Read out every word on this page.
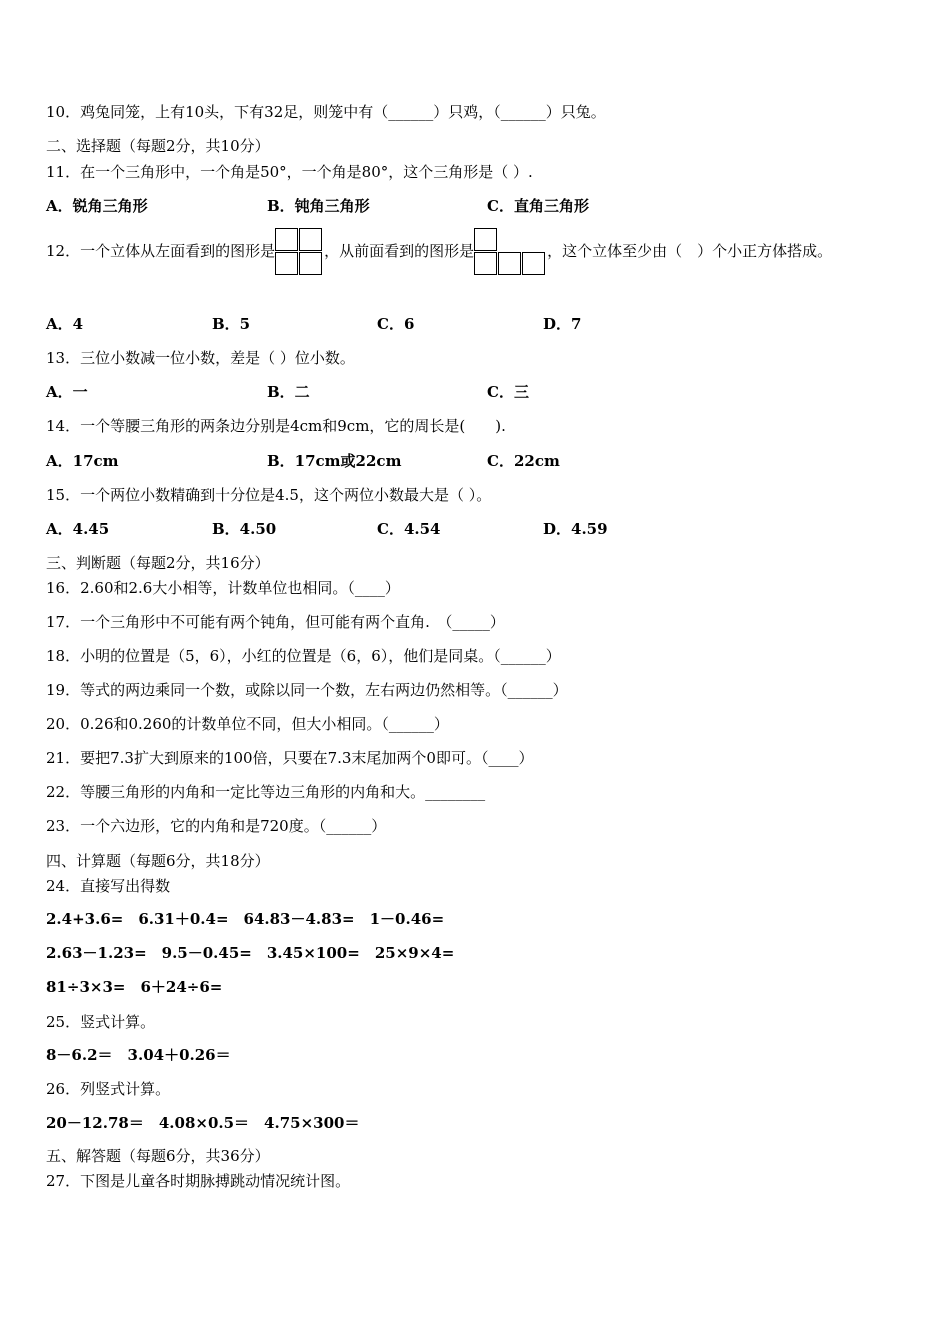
10．鸡兔同笼，上有10头，下有32足，则笼中有（______）只鸡，（______）只兔。
二、选择题（每题2分，共10分）
11．在一个三角形中，一个角是50°，一个角是80°，这个三角形是（ ）.
A．锐角三角形	B．钝角三角形	C．直角三角形
12．一个立体从左面看到的图形是	，从前面看到的图形是	，这个立体至少由（　）个小正方体搭成。
A．4	B．5	C．6	D．7
13．三位小数减一位小数，差是（ ）位小数。
A．一	B．二	C．三
14．一个等腰三角形的两条边分别是4cm和9cm，它的周长是(　　).
A．17cm	B．17cm或22cm	C．22cm
15．一个两位小数精确到十分位是4.5，这个两位小数最大是（ ）。
A．4.45	B．4.50	C．4.54	D．4.59
三、判断题（每题2分，共16分）
16．2.60和2.6大小相等，计数单位也相同。（____）
17．一个三角形中不可能有两个钝角，但可能有两个直角.　（_____）
18．小明的位置是（5，6），小红的位置是（6，6），他们是同桌。（______）
19．等式的两边乘同一个数，或除以同一个数，左右两边仍然相等。（______）
20．0.26和0.260的计数单位不同，但大小相同。（______）
21．要把7.3扩大到原来的100倍，只要在7.3末尾加两个0即可。（____）
22．等腰三角形的内角和一定比等边三角形的内角和大。________
23．一个六边形，它的内角和是720度。（______）
四、计算题（每题6分，共18分）
24．直接写出得数
2.4+3.6=　6.31＋0.4=　64.83－4.83=　1－0.46=
2.63－1.23=　9.5－0.45=　3.45×100=　25×9×4=
81÷3×3=　6＋24÷6=
25．竖式计算。
8－6.2＝　3.04＋0.26＝
26．列竖式计算。
20－12.78＝　4.08×0.5＝　4.75×300＝
五、解答题（每题6分，共36分）
27．下图是儿童各时期脉搏跳动情况统计图。
